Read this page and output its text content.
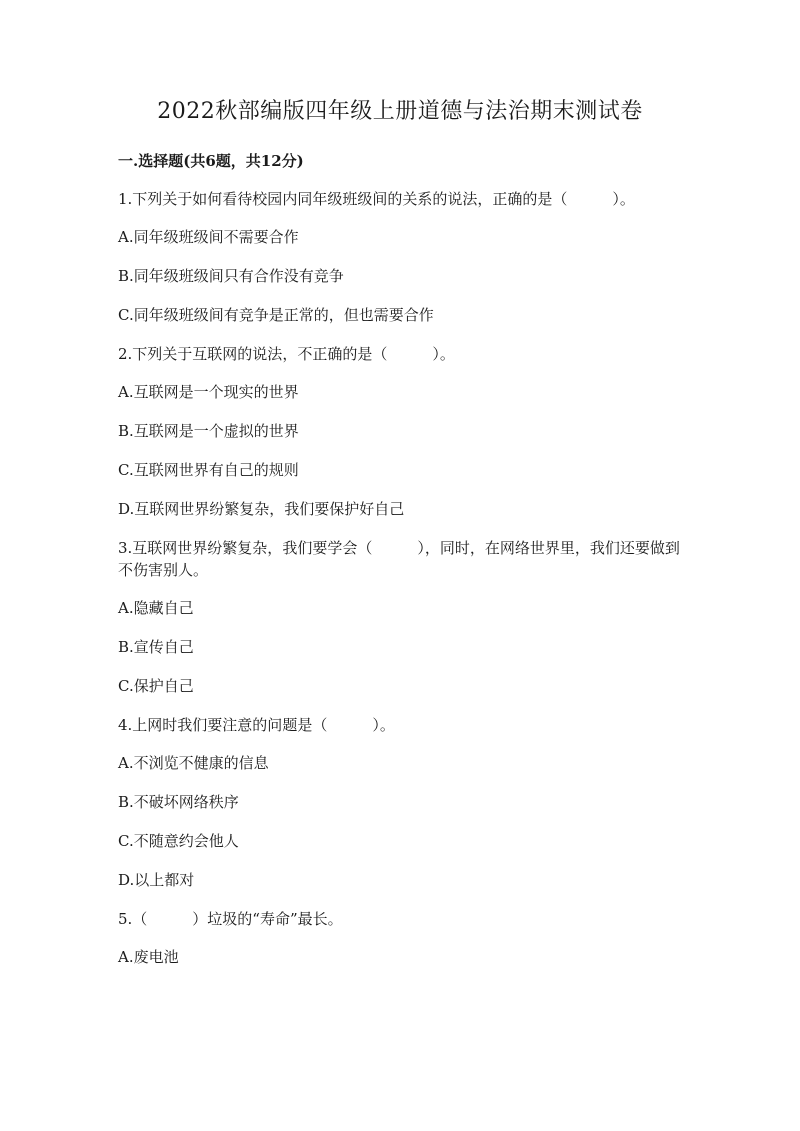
2022秋部编版四年级上册道德与法治期末测试卷
一.选择题(共6题，共12分)
1.下列关于如何看待校园内同年级班级间的关系的说法，正确的是（　　　）。
A.同年级班级间不需要合作
B.同年级班级间只有合作没有竞争
C.同年级班级间有竞争是正常的，但也需要合作
2.下列关于互联网的说法，不正确的是（　　　）。
A.互联网是一个现实的世界
B.互联网是一个虚拟的世界
C.互联网世界有自己的规则
D.互联网世界纷繁复杂，我们要保护好自己
3.互联网世界纷繁复杂，我们要学会（　　　），同时，在网络世界里，我们还要做到不伤害别人。
A.隐藏自己
B.宣传自己
C.保护自己
4.上网时我们要注意的问题是（　　　）。
A.不浏览不健康的信息
B.不破坏网络秩序
C.不随意约会他人
D.以上都对
5.（　　　）垃圾的“寿命”最长。
A.废电池
